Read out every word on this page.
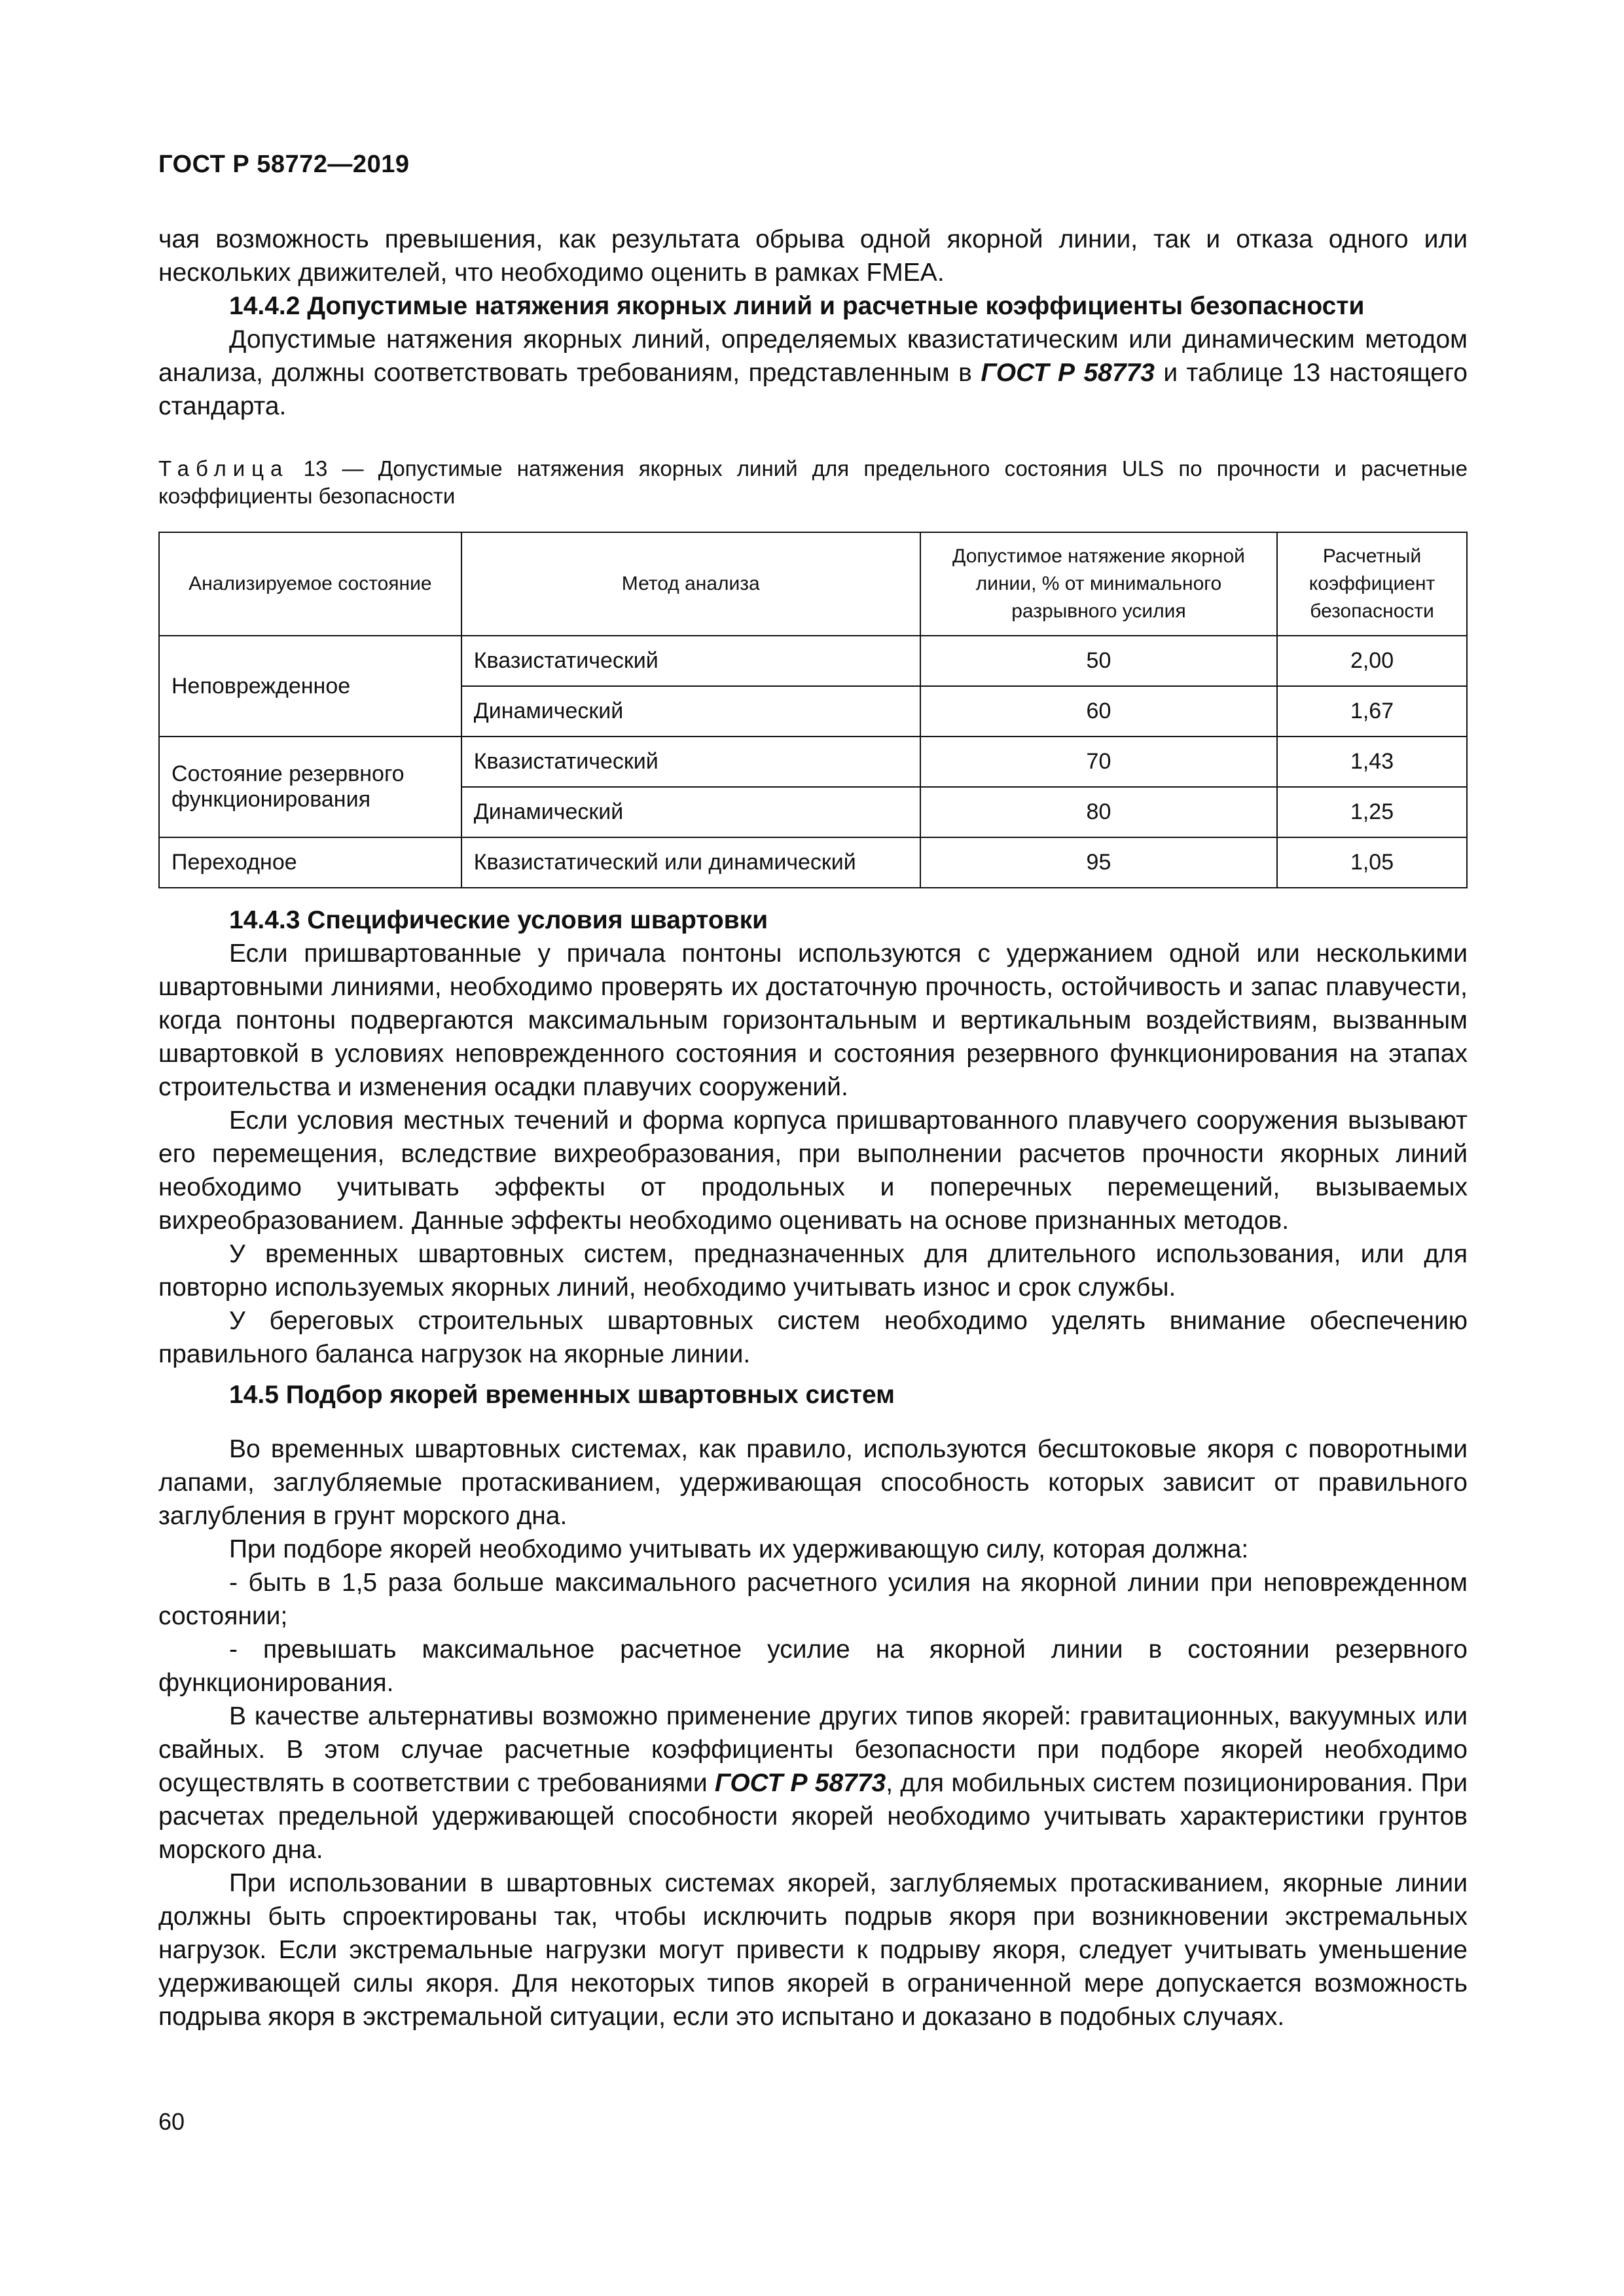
ГОСТ Р 58772—2019

чая возможность превышения, как результата обрыва одной якорной линии, так и отказа одного или нескольких движителей, что необходимо оценить в рамках FMEA.

14.4.2 Допустимые натяжения якорных линий и расчетные коэффициенты безопасности

Допустимые натяжения якорных линий, определяемых квазистатическим или динамическим методом анализа, должны соответствовать требованиям, представленным в ГОСТ Р 58773 и таблице 13 настоящего стандарта.

Таблица 13 — Допустимые натяжения якорных линий для предельного состояния ULS по прочности и расчетные коэффициенты безопасности
Анализируемое состояние	Метод анализа	Допустимое натяжение якорной линии, % от минимального разрывного усилия	Расчетный коэффициент безопасности
Неповрежденное	Квазистатический	50	2,00
	Динамический	60	1,67
Состояние резервного функционирования	Квазистатический	70	1,43
	Динамический	80	1,25
Переходное	Квазистатический или динамический	95	1,05
14.4.3 Специфические условия швартовки

Если пришвартованные у причала понтоны используются с удержанием одной или несколькими швартовными линиями, необходимо проверять их достаточную прочность, остойчивость и запас плавучести, когда понтоны подвергаются максимальным горизонтальным и вертикальным воздействиям, вызванным швартовкой в условиях неповрежденного состояния и состояния резервного функционирования на этапах строительства и изменения осадки плавучих сооружений.

Если условия местных течений и форма корпуса пришвартованного плавучего сооружения вызывают его перемещения, вследствие вихреобразования, при выполнении расчетов прочности якорных линий необходимо учитывать эффекты от продольных и поперечных перемещений, вызываемых вихреобразованием. Данные эффекты необходимо оценивать на основе признанных методов.

У временных швартовных систем, предназначенных для длительного использования, или для повторно используемых якорных линий, необходимо учитывать износ и срок службы.

У береговых строительных швартовных систем необходимо уделять внимание обеспечению правильного баланса нагрузок на якорные линии.

14.5 Подбор якорей временных швартовных систем

Во временных швартовных системах, как правило, используются бесштоковые якоря с поворотными лапами, заглубляемые протаскиванием, удерживающая способность которых зависит от правильного заглубления в грунт морского дна.

При подборе якорей необходимо учитывать их удерживающую силу, которая должна:

- быть в 1,5 раза больше максимального расчетного усилия на якорной линии при неповрежденном состоянии;

- превышать максимальное расчетное усилие на якорной линии в состоянии резервного функционирования.

В качестве альтернативы возможно применение других типов якорей: гравитационных, вакуумных или свайных. В этом случае расчетные коэффициенты безопасности при подборе якорей необходимо осуществлять в соответствии с требованиями ГОСТ Р 58773, для мобильных систем позиционирования. При расчетах предельной удерживающей способности якорей необходимо учитывать характеристики грунтов морского дна.

При использовании в швартовных системах якорей, заглубляемых протаскиванием, якорные линии должны быть спроектированы так, чтобы исключить подрыв якоря при возникновении экстремальных нагрузок. Если экстремальные нагрузки могут привести к подрыву якоря, следует учитывать уменьшение удерживающей силы якоря. Для некоторых типов якорей в ограниченной мере допускается возможность подрыва якоря в экстремальной ситуации, если это испытано и доказано в подобных случаях.

60
